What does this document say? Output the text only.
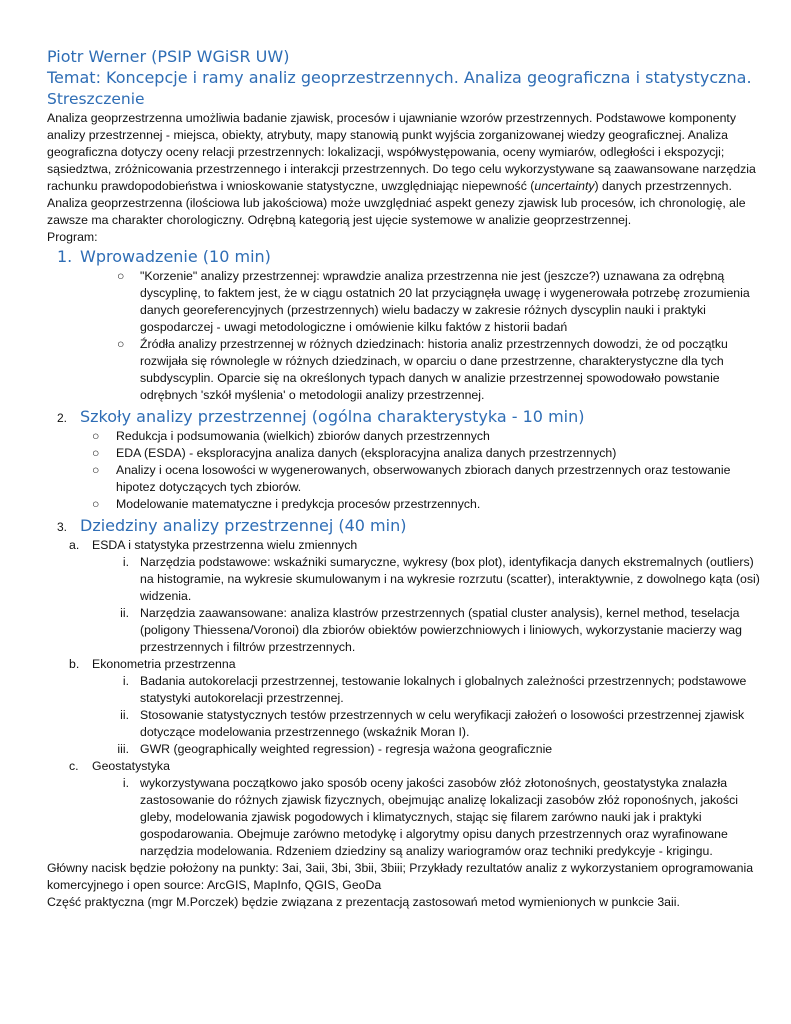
Piotr Werner (PSIP WGiSR UW)
Temat: Koncepcje i ramy analiz geoprzestrzennych. Analiza geograficzna i statystyczna.
Streszczenie

Analiza geoprzestrzenna umożliwia badanie zjawisk, procesów i ujawnianie wzorów przestrzennych. Podstawowe komponenty analizy przestrzennej - miejsca, obiekty, atrybuty, mapy stanowią punkt wyjścia zorganizowanej wiedzy geograficznej. Analiza geograficzna dotyczy oceny relacji przestrzennych: lokalizacji, współwystępowania, oceny wymiarów, odległości i ekspozycji; sąsiedztwa, zróżnicowania przestrzennego i interakcji przestrzennych. Do tego celu wykorzystywane są zaawansowane narzędzia rachunku prawdopodobieństwa i wnioskowanie statystyczne, uwzględniając niepewność (uncertainty) danych przestrzennych. Analiza geoprzestrzenna (ilościowa lub jakościowa) może uwzględniać aspekt genezy zjawisk lub procesów, ich chronologię, ale zawsze ma charakter chorologiczny. Odrębną kategorią jest ujęcie systemowe w analizie geoprzestrzennej.

Program:

1. Wprowadzenie (10 min)
○ "Korzenie" analizy przestrzennej: wprawdzie analiza przestrzenna nie jest (jeszcze?) uznawana za odrębną dyscyplinę, to faktem jest, że w ciągu ostatnich 20 lat przyciągnęła uwagę i wygenerowała potrzebę zrozumienia danych georeferencyjnych (przestrzennych) wielu badaczy w zakresie różnych dyscyplin nauki i praktyki gospodarczej - uwagi metodologiczne i omówienie kilku faktów z historii badań
○ Źródła analizy przestrzennej w różnych dziedzinach: historia analiz przestrzennych dowodzi, że od początku rozwijała się równolegle w różnych dziedzinach, w oparciu o dane przestrzenne, charakterystyczne dla tych subdyscyplin. Oparcie się na określonych typach danych w analizie przestrzennej spowodowało powstanie odrębnych 'szkół myślenia' o metodologii analizy przestrzennej.
2. Szkoły analizy przestrzennej (ogólna charakterystyka - 10 min)
○ Redukcja i podsumowania (wielkich) zbiorów danych przestrzennych
○ EDA (ESDA) - eksploracyjna analiza danych (eksploracyjna analiza danych przestrzennych)
○ Analizy i ocena losowości w wygenerowanych, obserwowanych zbiorach danych przestrzennych oraz testowanie hipotez dotyczących tych zbiorów.
○ Modelowanie matematyczne i predykcja procesów przestrzennych.
3. Dziedziny analizy przestrzennej (40 min)
a. ESDA i statystyka przestrzenna wielu zmiennych
i. Narzędzia podstawowe: wskaźniki sumaryczne, wykresy (box plot), identyfikacja danych ekstremalnych (outliers) na histogramie, na wykresie skumulowanym i na wykresie rozrzutu (scatter), interaktywnie, z dowolnego kąta (osi) widzenia.
ii. Narzędzia zaawansowane: analiza klastrów przestrzennych (spatial cluster analysis), kernel method, teselacja (poligony Thiessena/Voronoi) dla zbiorów obiektów powierzchniowych i liniowych, wykorzystanie macierzy wag przestrzennych i filtrów przestrzennych.
b. Ekonometria przestrzenna
i. Badania autokorelacji przestrzennej, testowanie lokalnych i globalnych zależności przestrzennych; podstawowe statystyki autokorelacji przestrzennej.
ii. Stosowanie statystycznych testów przestrzennych w celu weryfikacji założeń o losowości przestrzennej zjawisk dotyczące modelowania przestrzennego (wskaźnik Moran I).
iii. GWR (geographically weighted regression) - regresja ważona geograficznie
c. Geostatystyka
i. wykorzystywana początkowo jako sposób oceny jakości zasobów złóż złotonośnych, geostatystyka znalazła zastosowanie do różnych zjawisk fizycznych, obejmując analizę lokalizacji zasobów złóż roponośnych, jakości gleby, modelowania zjawisk pogodowych i klimatycznych, stając się filarem zarówno nauki jak i praktyki gospodarowania. Obejmuje zarówno metodykę i algorytmy opisu danych przestrzennych oraz wyrafinowane narzędzia modelowania. Rdzeniem dziedziny są analizy wariogramów oraz techniki predykcyje - krigingu.

Główny nacisk będzie położony na punkty: 3ai, 3aii, 3bi, 3bii, 3biii; Przykłady rezultatów analiz z wykorzystaniem oprogramowania komercyjnego i open source: ArcGIS, MapInfo, QGIS, GeoDa

Część praktyczna (mgr M.Porczek) będzie związana z prezentacją zastosowań metod wymienionych w punkcie 3aii.
